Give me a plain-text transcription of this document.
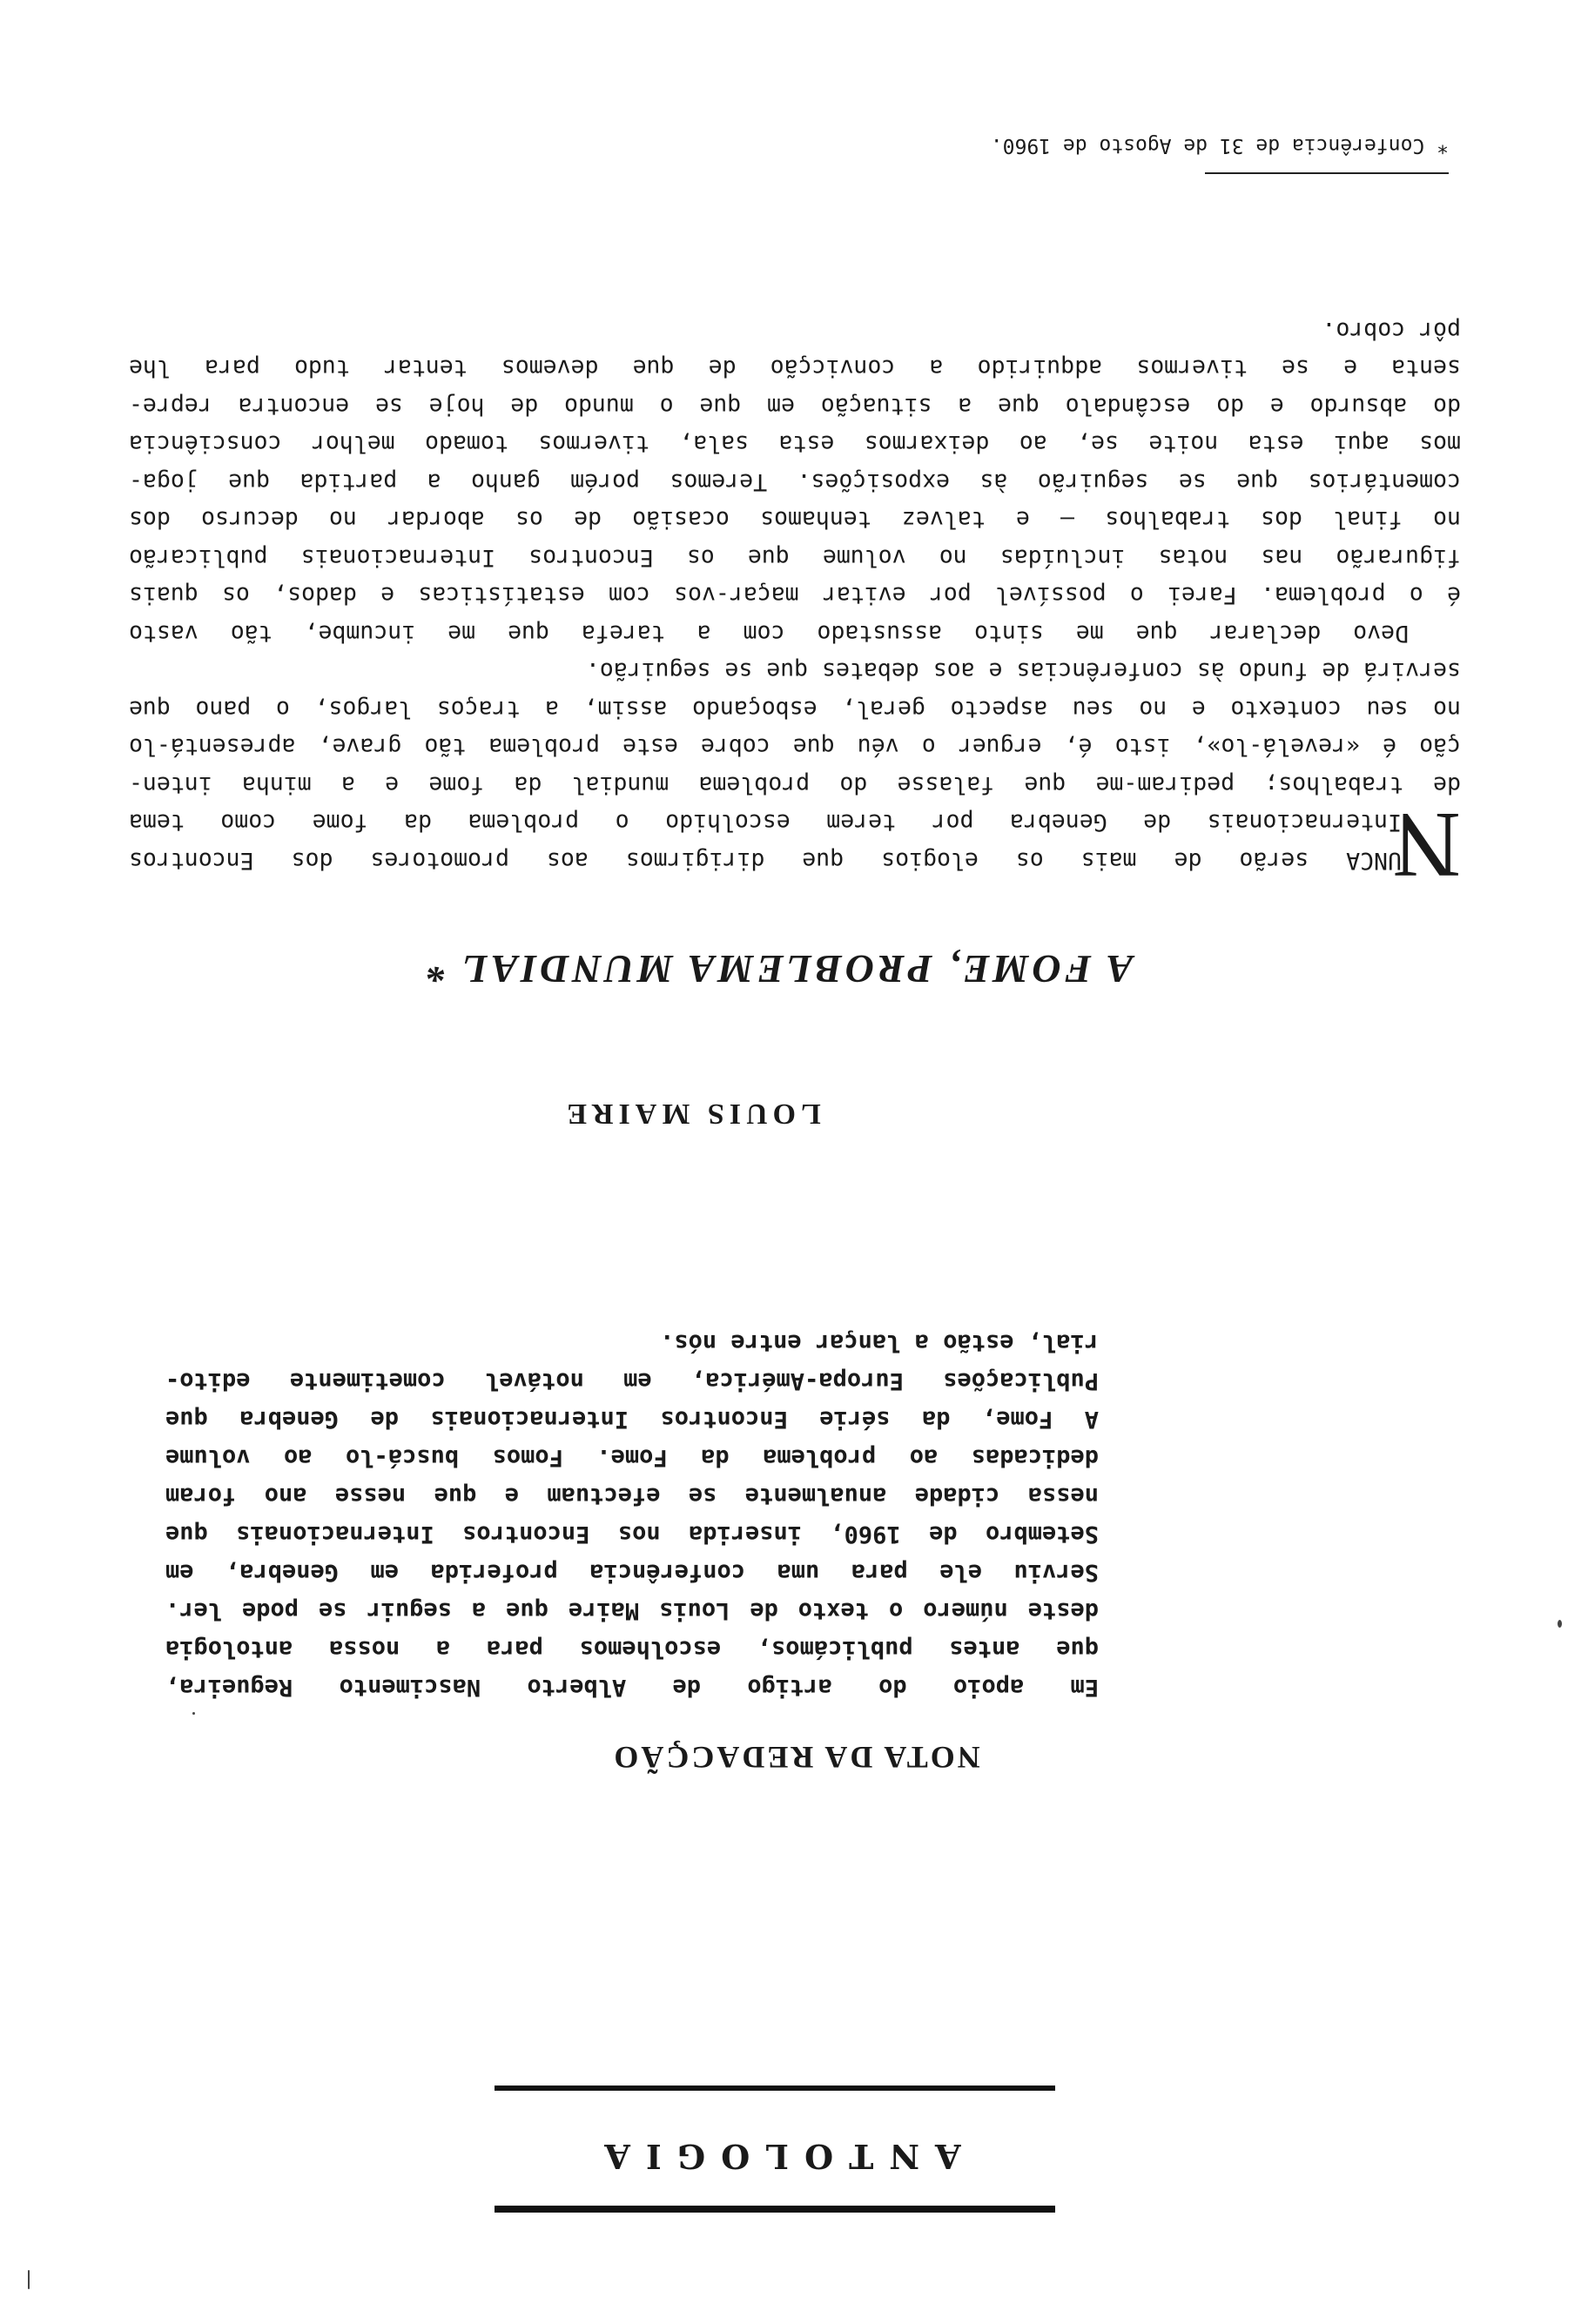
ANTOLOGIA
NOTA DA REDACÇÃO

Em apoio do artigo de Alberto Nascimento Regueira,
que antes publicámos, escolhemos para a nossa antologia
deste número o texto de Louis Maire que a seguir se pode ler.
Serviu ele para uma conferência proferida em Genebra, em
Setembro de 1960, inserida nos Encontros Internacionais que
nessa cidade anualmente se efectuam e que nesse ano foram
dedicadas ao problema da Fome. Fomos buscá-lo ao volume
A Fome, da série Encontros Internacionais de Genebra que
Publicações Europa-América, em notável cometimente edito-
rial, estão a lançar entre nós.

LOUIS MAIRE
A FOME, PROBLEMA MUNDIAL *
N
UNCA serão de mais os elogios que dirigirmos aos promotores dos Encontros
Internacionais de Genebra por terem escolhido o problema da fome como tema
de trabalhos; pediram-me que falasse do problema mundial da fome e a minha inten-
ção é «revelá-lo», isto é, erguer o véu que cobre este problema tão grave, apresentá-lo
no seu contexto e no seu aspecto geral, esboçando assim, a traços largos, o pano que
servirá de fundo às conferências e aos debates que se seguirão.
Devo declarar que me sinto assustado com a tarefa que me incumbe, tão vasto
é o problema. Farei o possível por evitar maçar-vos com estatísticas e dados, os quais
figurarão nas notas incluídas no volume que os Encontros Internacionais publicarão
no final dos trabalhos — e talvez tenhamos ocasião de os abordar no decurso dos
comentários que se seguirão às exposições. Teremos porém ganho a partida que joga-
mos aqui esta noite se, ao deixarmos esta sala, tivermos tomado melhor consciência
do absurdo e do escândalo que a situação em que o mundo de hoje se encontra repre-
senta e se tivermos adquirido a convicção de que devemos tentar tudo para lhe
pôr cobro.

* Conferência de 31 de Agosto de 1960.
